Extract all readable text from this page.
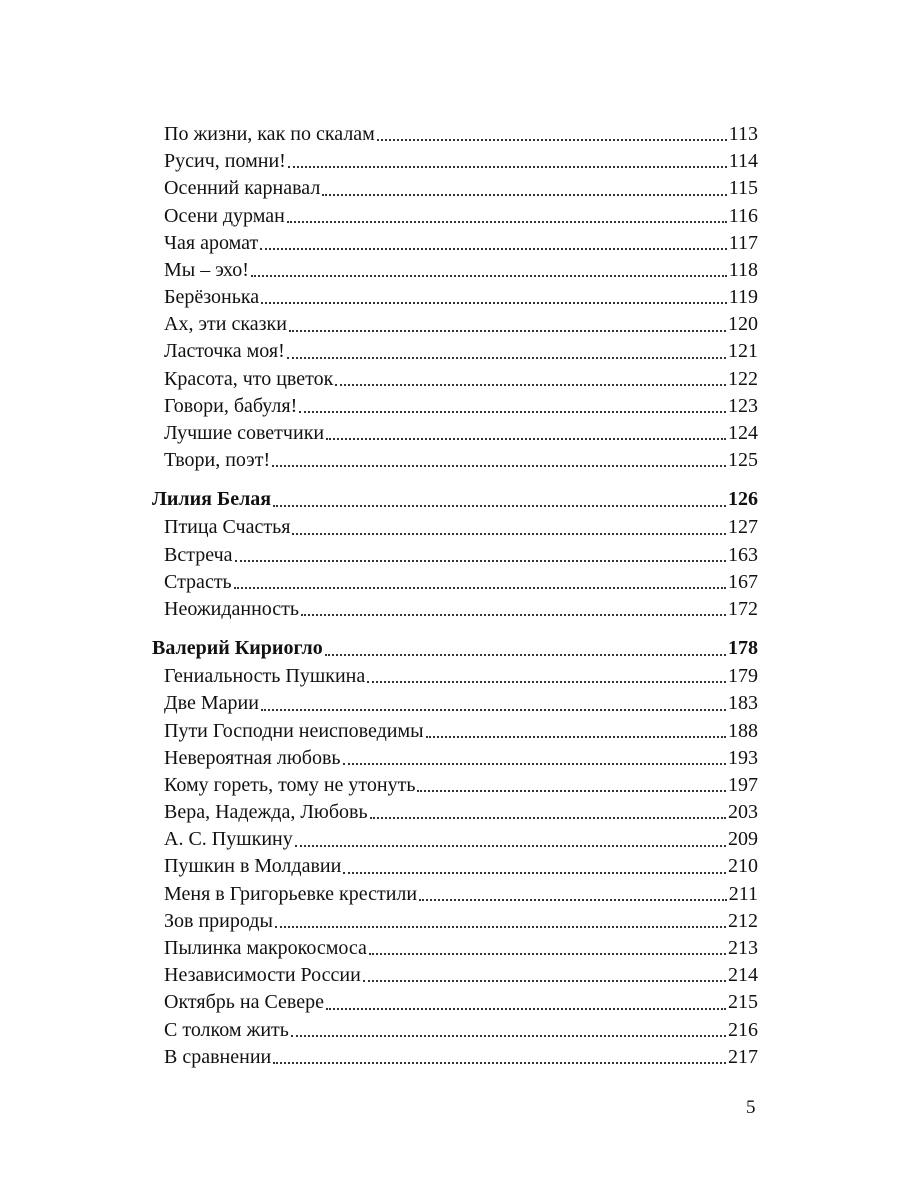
По жизни, как по скалам	113
Русич, помни!	114
Осенний карнавал	115
Осени дурман	116
Чая аромат	117
Мы – эхо!	118
Берёзонька	119
Ах, эти сказки	120
Ласточка моя!	121
Красота, что цветок	122
Говори, бабуля!	123
Лучшие советчики	124
Твори, поэт!	125
Лилия Белая	126
Птица Счастья	127
Встреча	163
Страсть	167
Неожиданность	172
Валерий Кириогло	178
Гениальность Пушкина	179
Две Марии	183
Пути Господни неисповедимы	188
Невероятная любовь	193
Кому гореть, тому не утонуть	197
Вера, Надежда, Любовь	203
А. С. Пушкину	209
Пушкин в Молдавии	210
Меня в Григорьевке крестили	211
Зов природы	212
Пылинка макрокосмоса	213
Независимости России	214
Октябрь на Севере	215
С толком жить	216
В сравнении	217
5
